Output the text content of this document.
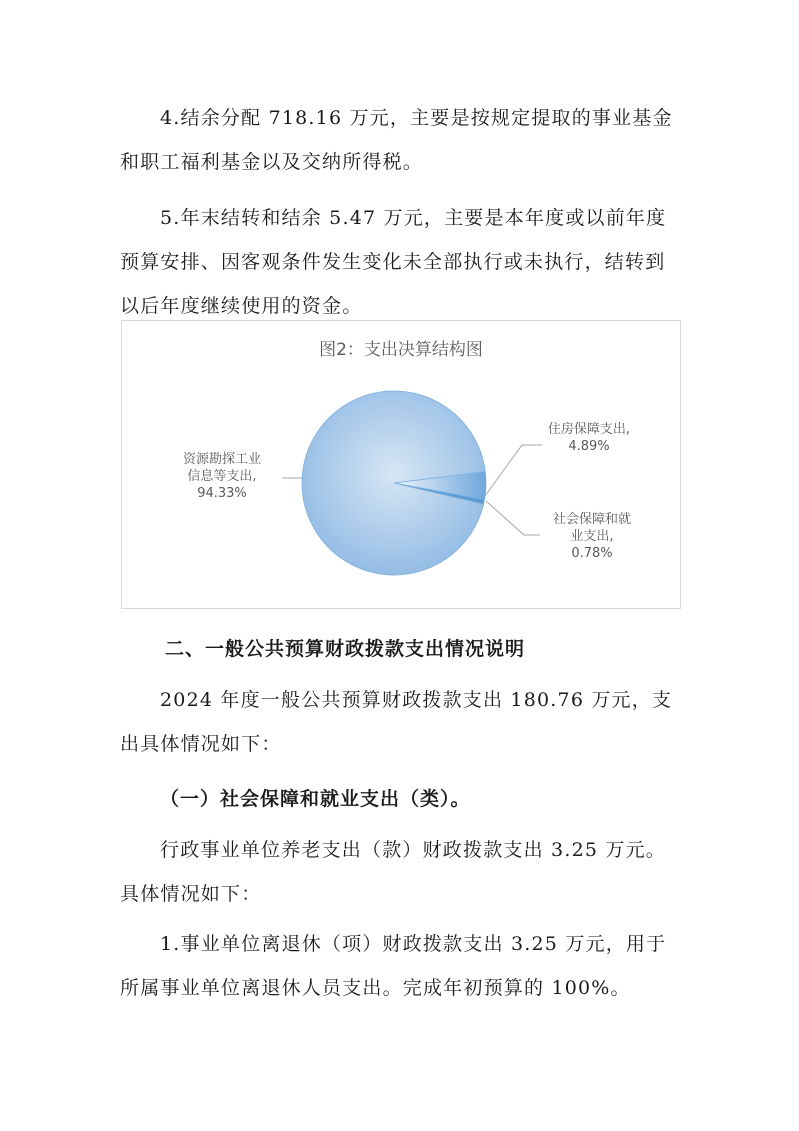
4.结余分配 718.16 万元，主要是按规定提取的事业基金和职工福利基金以及交纳所得税。
5.年末结转和结余 5.47 万元，主要是本年度或以前年度预算安排、因客观条件发生变化未全部执行或未执行，结转到以后年度继续使用的资金。
图2：支出决算结构图
资源勘探工业
信息等支出,
94.33%
住房保障支出,
4.89%
社会保障和就
业支出,
0.78%
二、一般公共预算财政拨款支出情况说明
2024 年度一般公共预算财政拨款支出 180.76 万元，支出具体情况如下：
（一）社会保障和就业支出（类）。
行政事业单位养老支出（款）财政拨款支出 3.25 万元。具体情况如下：
1.事业单位离退休（项）财政拨款支出 3.25 万元，用于所属事业单位离退休人员支出。完成年初预算的 100%。
